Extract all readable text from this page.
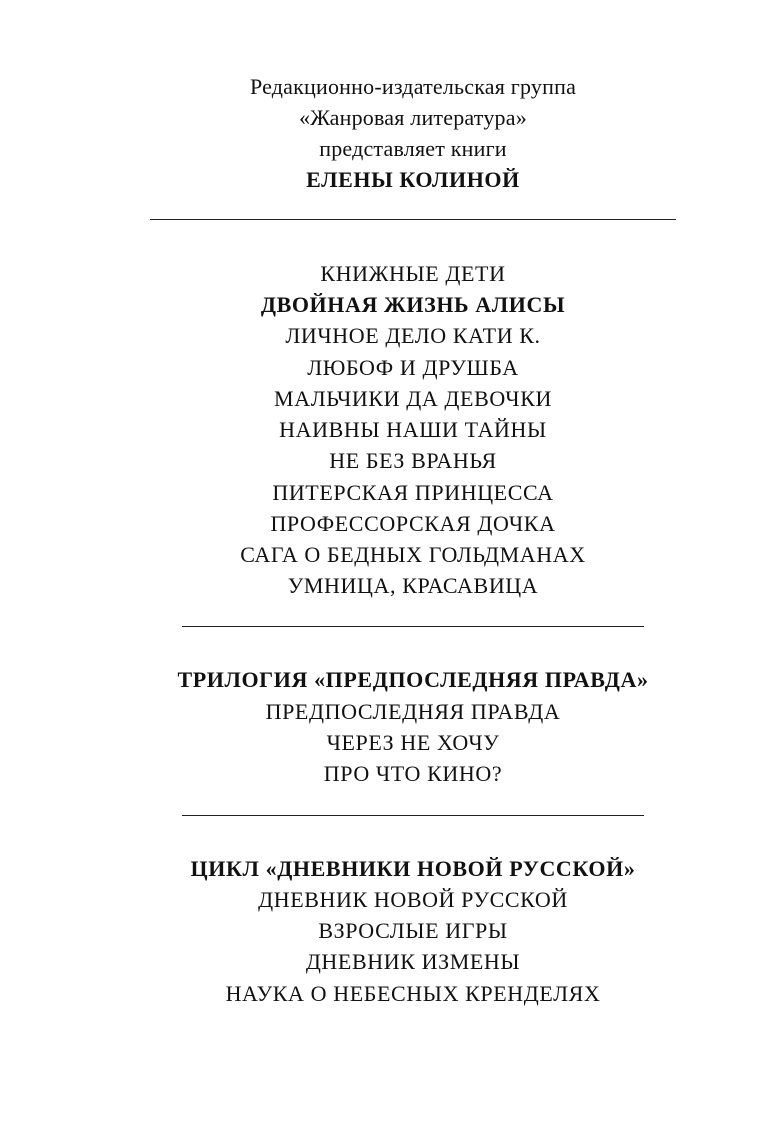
Редакционно-издательская группа
«Жанровая литература»
представляет книги
ЕЛЕНЫ КОЛИНОЙ
КНИЖНЫЕ ДЕТИ
ДВОЙНАЯ ЖИЗНЬ АЛИСЫ
ЛИЧНОЕ ДЕЛО КАТИ К.
ЛЮБОФ И ДРУШБА
МАЛЬЧИКИ ДА ДЕВОЧКИ
НАИВНЫ НАШИ ТАЙНЫ
НЕ БЕЗ ВРАНЬЯ
ПИТЕРСКАЯ ПРИНЦЕССА
ПРОФЕССОРСКАЯ ДОЧКА
САГА О БЕДНЫХ ГОЛЬДМАНАХ
УМНИЦА, КРАСАВИЦА
ТРИЛОГИЯ «ПРЕДПОСЛЕДНЯЯ ПРАВДА»
ПРЕДПОСЛЕДНЯЯ ПРАВДА
ЧЕРЕЗ НЕ ХОЧУ
ПРО ЧТО КИНО?
ЦИКЛ «ДНЕВНИКИ НОВОЙ РУССКОЙ»
ДНЕВНИК НОВОЙ РУССКОЙ
ВЗРОСЛЫЕ ИГРЫ
ДНЕВНИК ИЗМЕНЫ
НАУКА О НЕБЕСНЫХ КРЕНДЕЛЯХ
